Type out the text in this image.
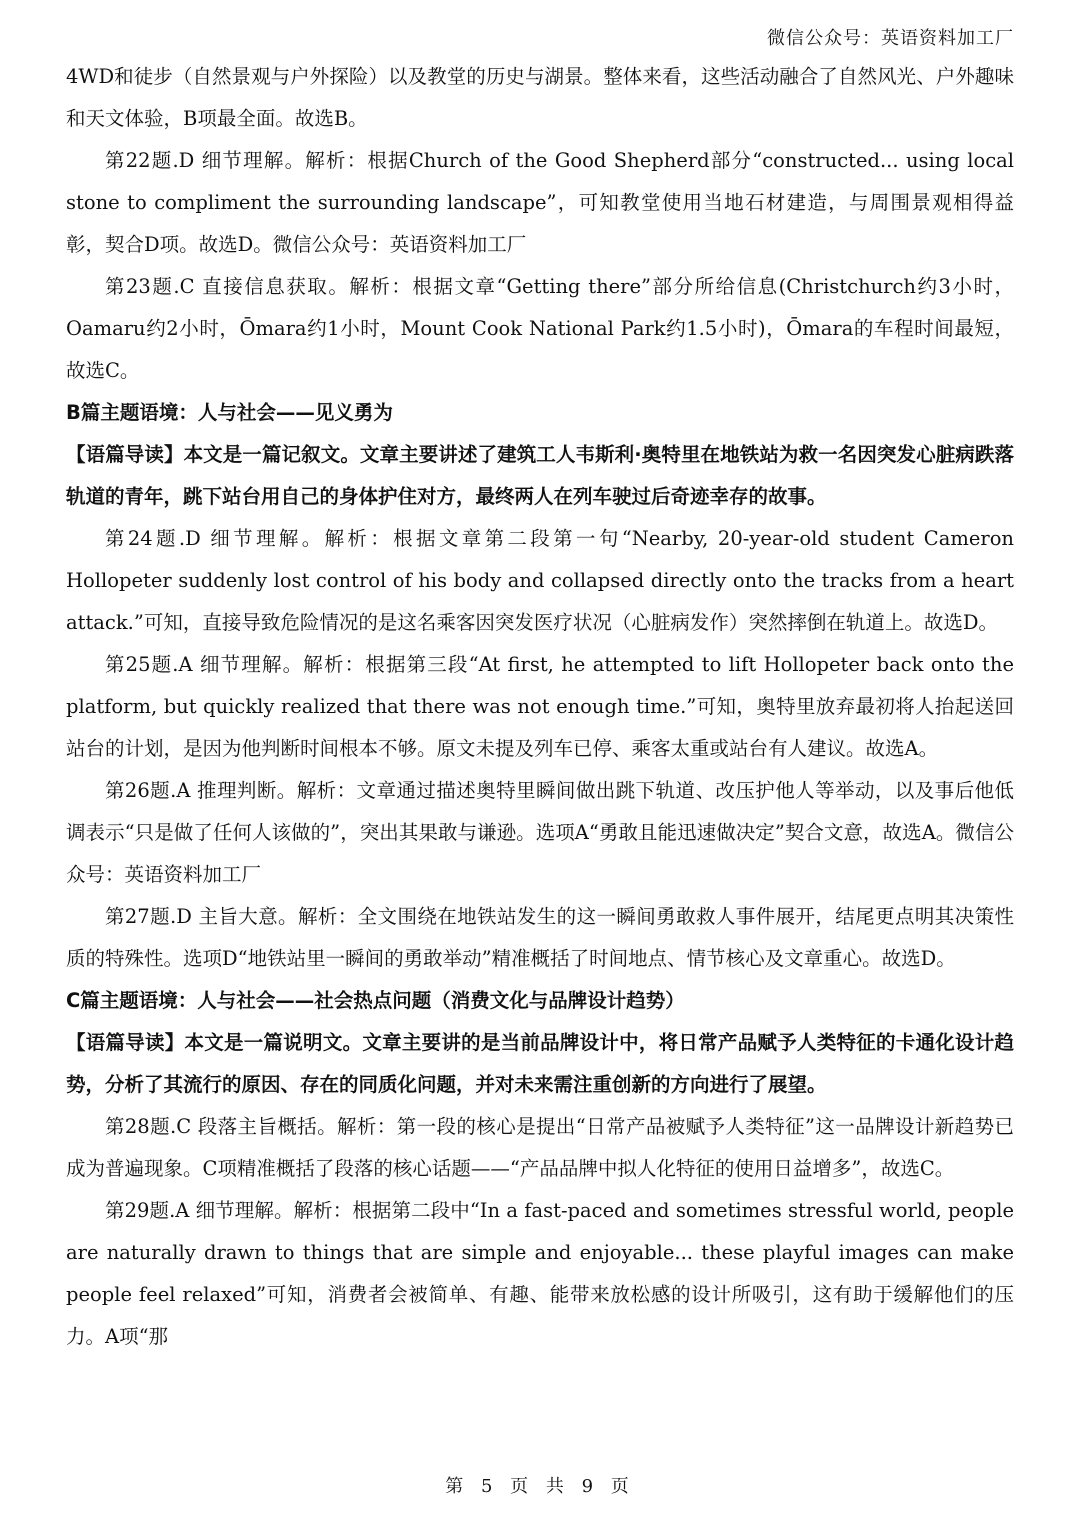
微信公众号：英语资料加工厂

4WD和徒步（自然景观与户外探险）以及教堂的历史与湖景。整体来看，这些活动融合了自然风光、户外趣味和天文体验，B项最全面。故选B。

第22题.D 细节理解。解析：根据Church of the Good Shepherd部分“constructed... using local stone to compliment the surrounding landscape”，可知教堂使用当地石材建造，与周围景观相得益彰，契合D项。故选D。微信公众号：英语资料加工厂

第23题.C 直接信息获取。解析：根据文章“Getting there”部分所给信息(Christchurch约3小时，Oamaru约2小时，Ōmara约1小时，Mount Cook National Park约1.5小时)，Ōmara的车程时间最短，故选C。

B篇主题语境：人与社会——见义勇为

【语篇导读】本文是一篇记叙文。文章主要讲述了建筑工人韦斯利·奥特里在地铁站为救一名因突发心脏病跌落轨道的青年，跳下站台用自己的身体护住对方，最终两人在列车驶过后奇迹幸存的故事。

第24题.D 细节理解。解析：根据文章第二段第一句“Nearby, 20-year-old student Cameron Hollopeter suddenly lost control of his body and collapsed directly onto the tracks from a heart attack.”可知，直接导致危险情况的是这名乘客因突发医疗状况（心脏病发作）突然摔倒在轨道上。故选D。

第25题.A 细节理解。解析：根据第三段“At first, he attempted to lift Hollopeter back onto the platform, but quickly realized that there was not enough time.”可知，奥特里放弃最初将人抬起送回站台的计划，是因为他判断时间根本不够。原文未提及列车已停、乘客太重或站台有人建议。故选A。

第26题.A 推理判断。解析：文章通过描述奥特里瞬间做出跳下轨道、改压护他人等举动，以及事后他低调表示“只是做了任何人该做的”，突出其果敢与谦逊。选项A“勇敢且能迅速做决定”契合文意，故选A。微信公众号：英语资料加工厂

第27题.D 主旨大意。解析：全文围绕在地铁站发生的这一瞬间勇敢救人事件展开，结尾更点明其决策性质的特殊性。选项D“地铁站里一瞬间的勇敢举动”精准概括了时间地点、情节核心及文章重心。故选D。

C篇主题语境：人与社会——社会热点问题（消费文化与品牌设计趋势）

【语篇导读】本文是一篇说明文。文章主要讲的是当前品牌设计中，将日常产品赋予人类特征的卡通化设计趋势，分析了其流行的原因、存在的同质化问题，并对未来需注重创新的方向进行了展望。

第28题.C 段落主旨概括。解析：第一段的核心是提出“日常产品被赋予人类特征”这一品牌设计新趋势已成为普遍现象。C项精准概括了段落的核心话题——“产品品牌中拟人化特征的使用日益增多”，故选C。

第29题.A 细节理解。解析：根据第二段中“In a fast-paced and sometimes stressful world, people are naturally drawn to things that are simple and enjoyable... these playful images can make people feel relaxed”可知，消费者会被简单、有趣、能带来放松感的设计所吸引，这有助于缓解他们的压力。A项“那

第 5 页 共 9 页
